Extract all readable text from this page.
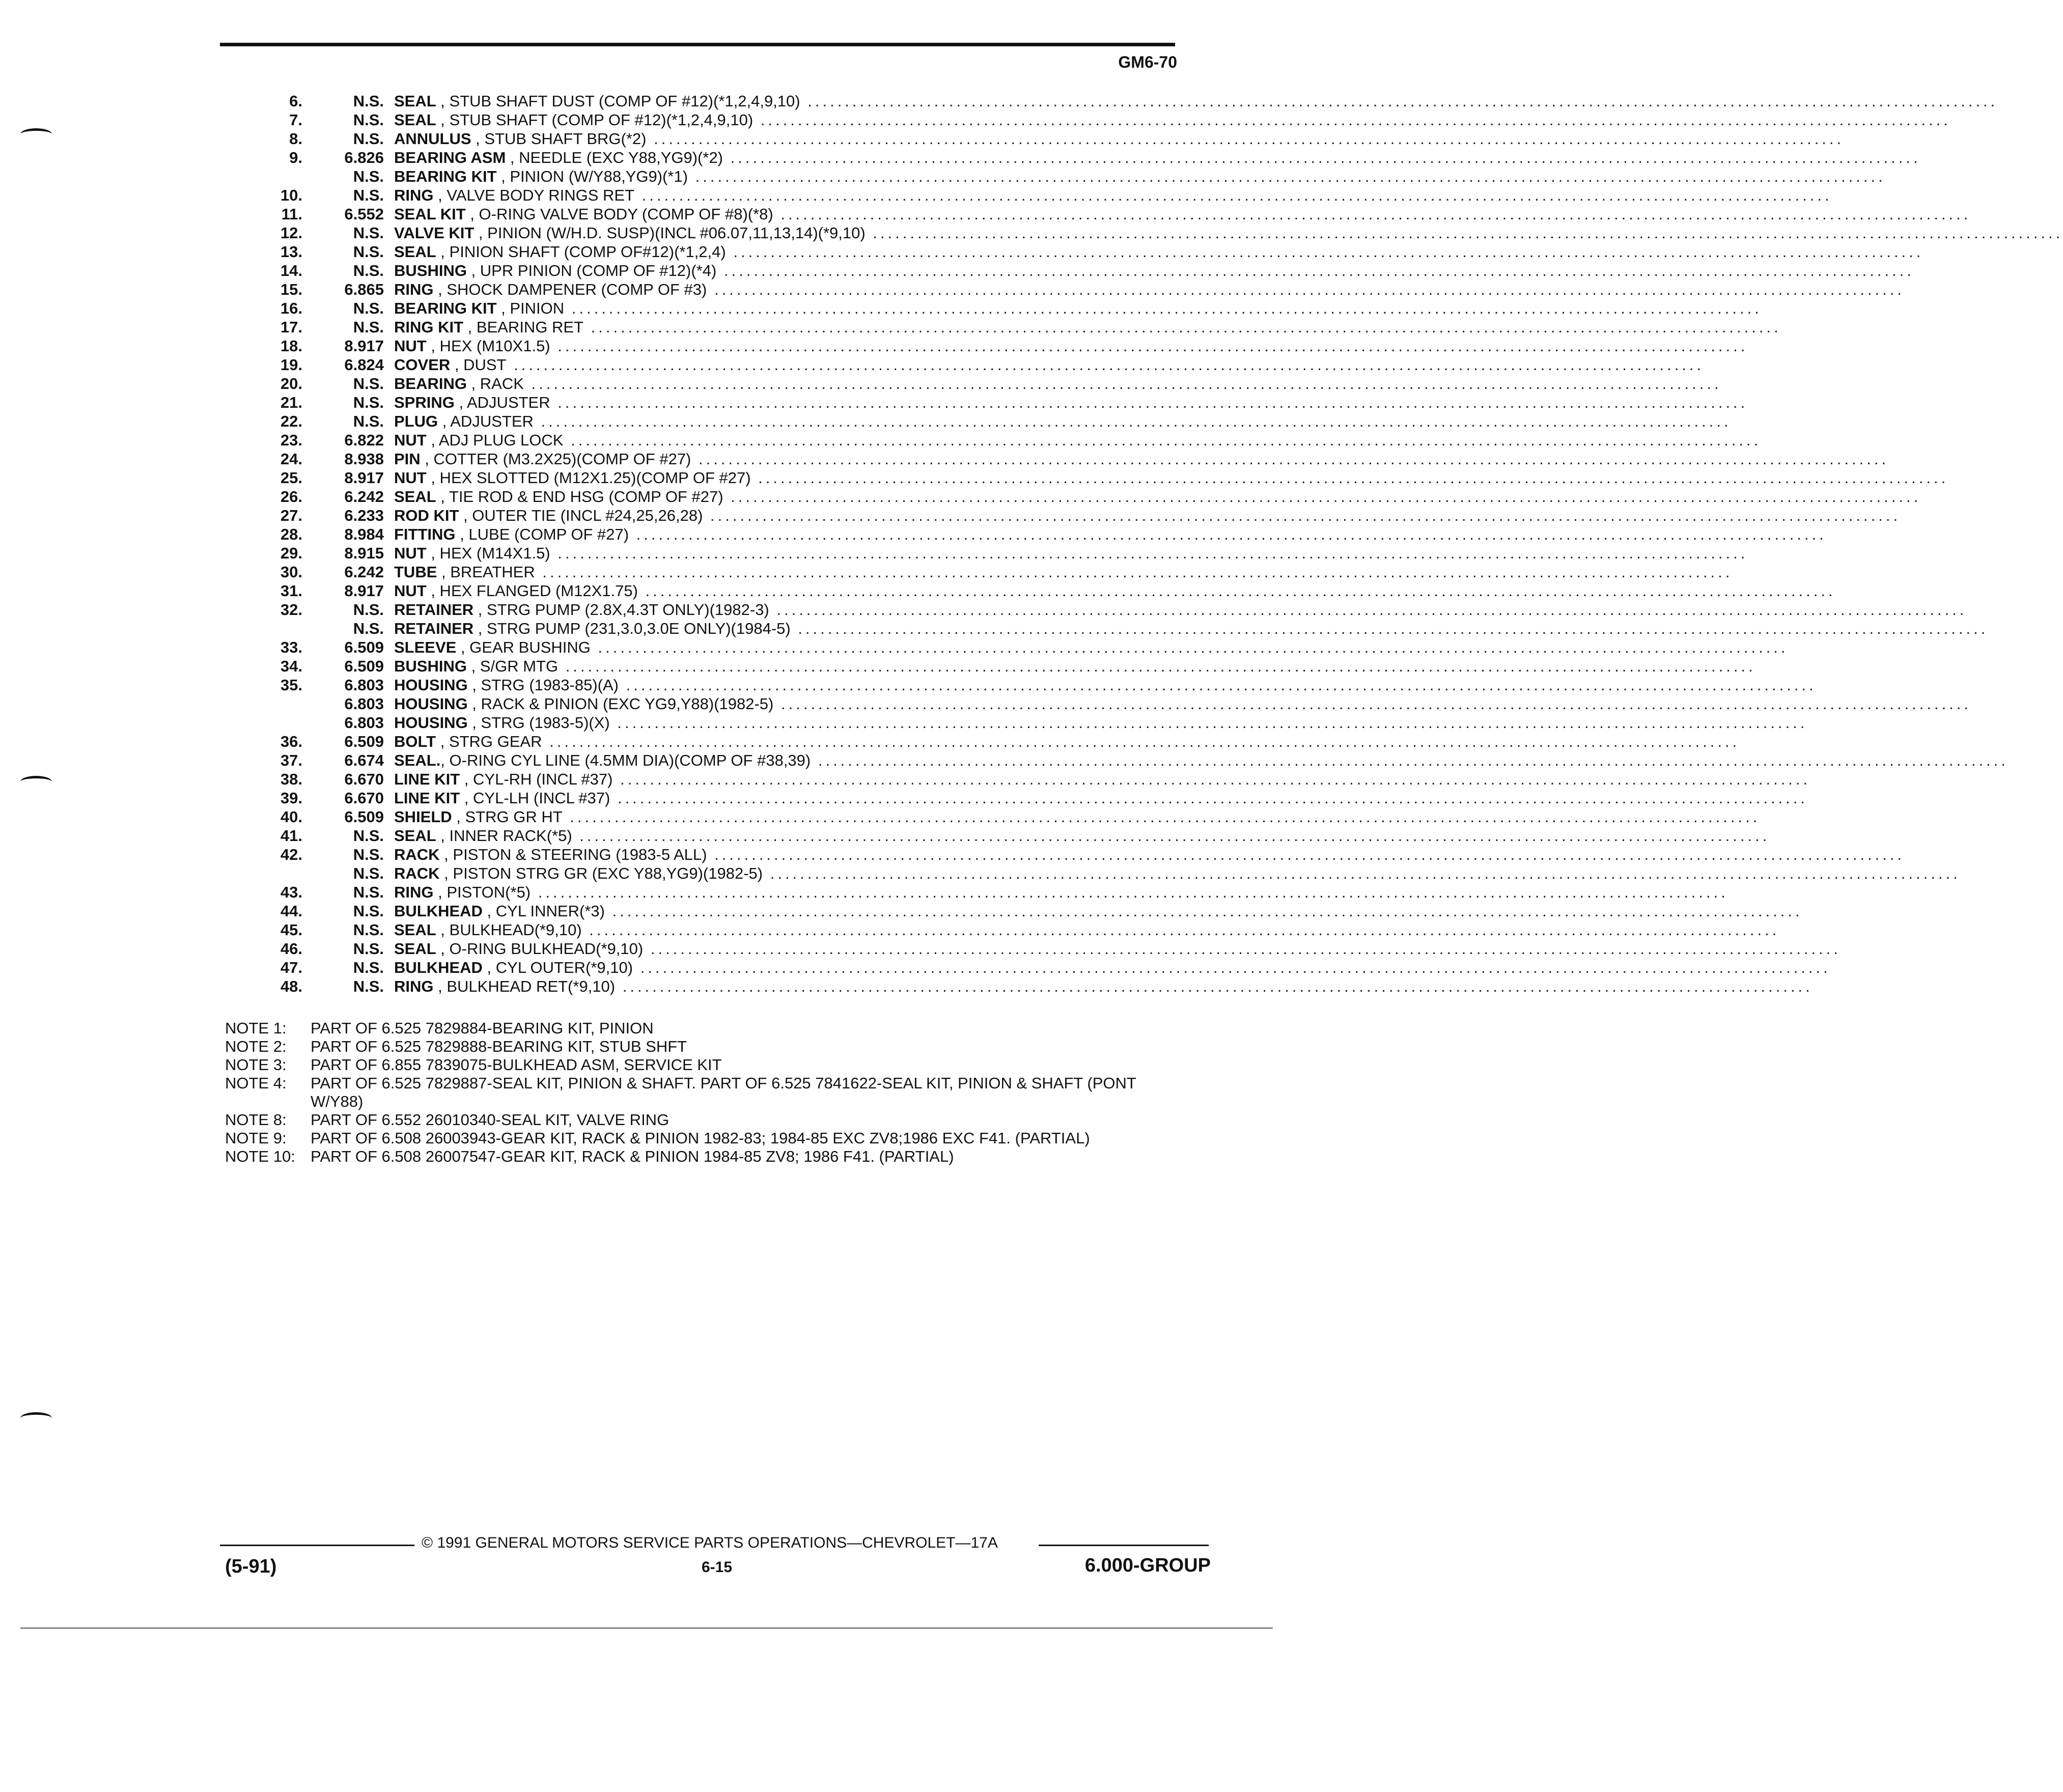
GM6-70
6.	N.S. SEAL , STUB SHAFT DUST (COMP OF #12)(*1,2,4,9,10) ................................................................................................................................................................
7.	N.S. SEAL , STUB SHAFT (COMP OF #12)(*1,2,4,9,10) ................................................................................................................................................................
8.	N.S. ANNULUS , STUB SHAFT BRG(*2) ................................................................................................................................................................
9.	6.826 BEARING ASM , NEEDLE (EXC Y88,YG9)(*2) ................................................................................................................................................................
N.S. BEARING KIT , PINION (W/Y88,YG9)(*1) ................................................................................................................................................................
10.	N.S. RING , VALVE BODY RINGS RET ................................................................................................................................................................
11.	6.552 SEAL KIT , O-RING VALVE BODY (COMP OF #8)(*8) ................................................................................................................................................................
12.	N.S. VALVE KIT , PINION (W/H.D. SUSP)(INCL #06.07,11,13,14)(*9,10) ................................................................................................................................................................
13.	N.S. SEAL , PINION SHAFT (COMP OF#12)(*1,2,4) ................................................................................................................................................................
14.	N.S. BUSHING , UPR PINION (COMP OF #12)(*4) ................................................................................................................................................................
15.	6.865 RING , SHOCK DAMPENER (COMP OF #3) ................................................................................................................................................................
16.	N.S. BEARING KIT , PINION ................................................................................................................................................................
17.	N.S. RING KIT , BEARING RET ................................................................................................................................................................
18.	8.917 NUT , HEX (M10X1.5) ................................................................................................................................................................
19.	6.824 COVER , DUST ................................................................................................................................................................
20.	N.S. BEARING , RACK ................................................................................................................................................................
21.	N.S. SPRING , ADJUSTER ................................................................................................................................................................
22.	N.S. PLUG , ADJUSTER ................................................................................................................................................................
23.	6.822 NUT , ADJ PLUG LOCK ................................................................................................................................................................
24.	8.938 PIN , COTTER (M3.2X25)(COMP OF #27) ................................................................................................................................................................
25.	8.917 NUT , HEX SLOTTED (M12X1.25)(COMP OF #27) ................................................................................................................................................................
26.	6.242 SEAL , TIE ROD & END HSG (COMP OF #27) ................................................................................................................................................................
27.	6.233 ROD KIT , OUTER TIE (INCL #24,25,26,28) ................................................................................................................................................................
28.	8.984 FITTING , LUBE (COMP OF #27) ................................................................................................................................................................
29.	8.915 NUT , HEX (M14X1.5) ................................................................................................................................................................
30.	6.242 TUBE , BREATHER ................................................................................................................................................................
31.	8.917 NUT , HEX FLANGED (M12X1.75) ................................................................................................................................................................
32.	N.S. RETAINER , STRG PUMP (2.8X,4.3T ONLY)(1982-3) ................................................................................................................................................................
N.S. RETAINER , STRG PUMP (231,3.0,3.0E ONLY)(1984-5) ................................................................................................................................................................
33.	6.509 SLEEVE , GEAR BUSHING ................................................................................................................................................................
34.	6.509 BUSHING , S/GR MTG ................................................................................................................................................................
35.	6.803 HOUSING , STRG (1983-85)(A) ................................................................................................................................................................
6.803 HOUSING , RACK & PINION (EXC YG9,Y88)(1982-5) ................................................................................................................................................................
6.803 HOUSING , STRG (1983-5)(X) ................................................................................................................................................................
36.	6.509 BOLT , STRG GEAR ................................................................................................................................................................
37.	6.674 SEAL., O-RING CYL LINE (4.5MM DIA)(COMP OF #38,39) ................................................................................................................................................................
38.	6.670 LINE KIT , CYL-RH (INCL #37) ................................................................................................................................................................
39.	6.670 LINE KIT , CYL-LH (INCL #37) ................................................................................................................................................................
40.	6.509 SHIELD , STRG GR HT ................................................................................................................................................................
41.	N.S. SEAL , INNER RACK(*5) ................................................................................................................................................................
42.	N.S. RACK , PISTON & STEERING (1983-5 ALL) ................................................................................................................................................................
N.S. RACK , PISTON STRG GR (EXC Y88,YG9)(1982-5) ................................................................................................................................................................
43.	N.S. RING , PISTON(*5) ................................................................................................................................................................
44.	N.S. BULKHEAD , CYL INNER(*3) ................................................................................................................................................................
45.	N.S. SEAL , BULKHEAD(*9,10) ................................................................................................................................................................
46.	N.S. SEAL , O-RING BULKHEAD(*9,10) ................................................................................................................................................................
47.	N.S. BULKHEAD , CYL OUTER(*9,10) ................................................................................................................................................................
48.	N.S. RING , BULKHEAD RET(*9,10) ................................................................................................................................................................
NOTE 1: PART OF 6.525 7829884-BEARING KIT, PINION
NOTE 2: PART OF 6.525 7829888-BEARING KIT, STUB SHFT
NOTE 3: PART OF 6.855 7839075-BULKHEAD ASM, SERVICE KIT
NOTE 4: PART OF 6.525 7829887-SEAL KIT, PINION & SHAFT. PART OF 6.525 7841622-SEAL KIT, PINION & SHAFT (PONT W/Y88)
NOTE 8: PART OF 6.552 26010340-SEAL KIT, VALVE RING
NOTE 9: PART OF 6.508 26003943-GEAR KIT, RACK & PINION 1982-83; 1984-85 EXC ZV8;1986 EXC F41. (PARTIAL)
NOTE 10: PART OF 6.508 26007547-GEAR KIT, RACK & PINION 1984-85 ZV8; 1986 F41. (PARTIAL)
© 1991 GENERAL MOTORS SERVICE PARTS OPERATIONS—CHEVROLET—17A
(5-91)	6-15	6.000-GROUP
